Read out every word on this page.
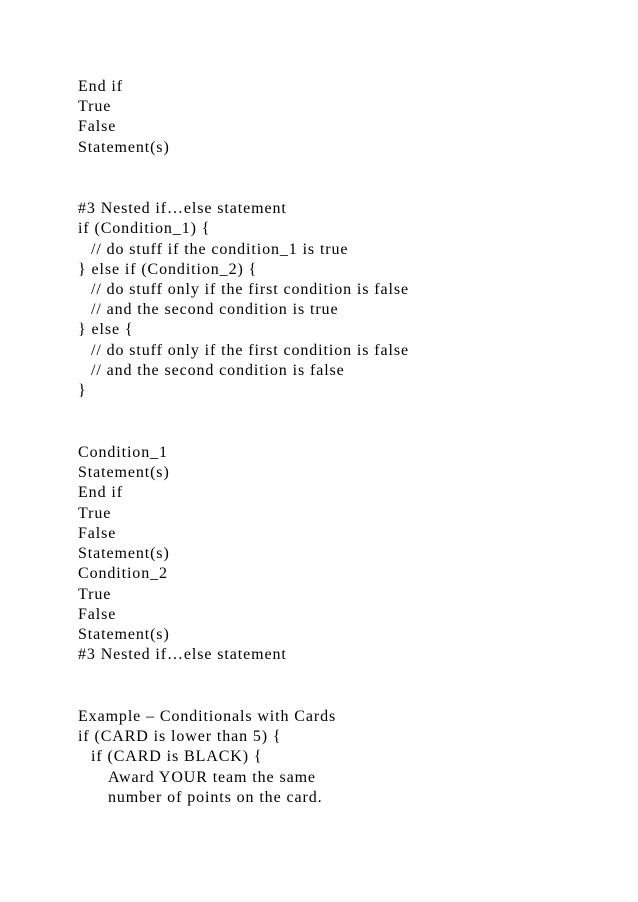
End if
True
False
Statement(s)
#3 Nested if…else statement
if (Condition_1) {
// do stuff if the condition_1 is true
} else if (Condition_2) {
// do stuff only if the first condition is false
// and the second condition is true
} else {
// do stuff only if the first condition is false
// and the second condition is false
}
Condition_1
Statement(s)
End if
True
False
Statement(s)
Condition_2
True
False
Statement(s)
#3 Nested if…else statement
Example – Conditionals with Cards
if (CARD is lower than 5) {
if (CARD is BLACK) {
Award YOUR team the same
number of points on the card.
